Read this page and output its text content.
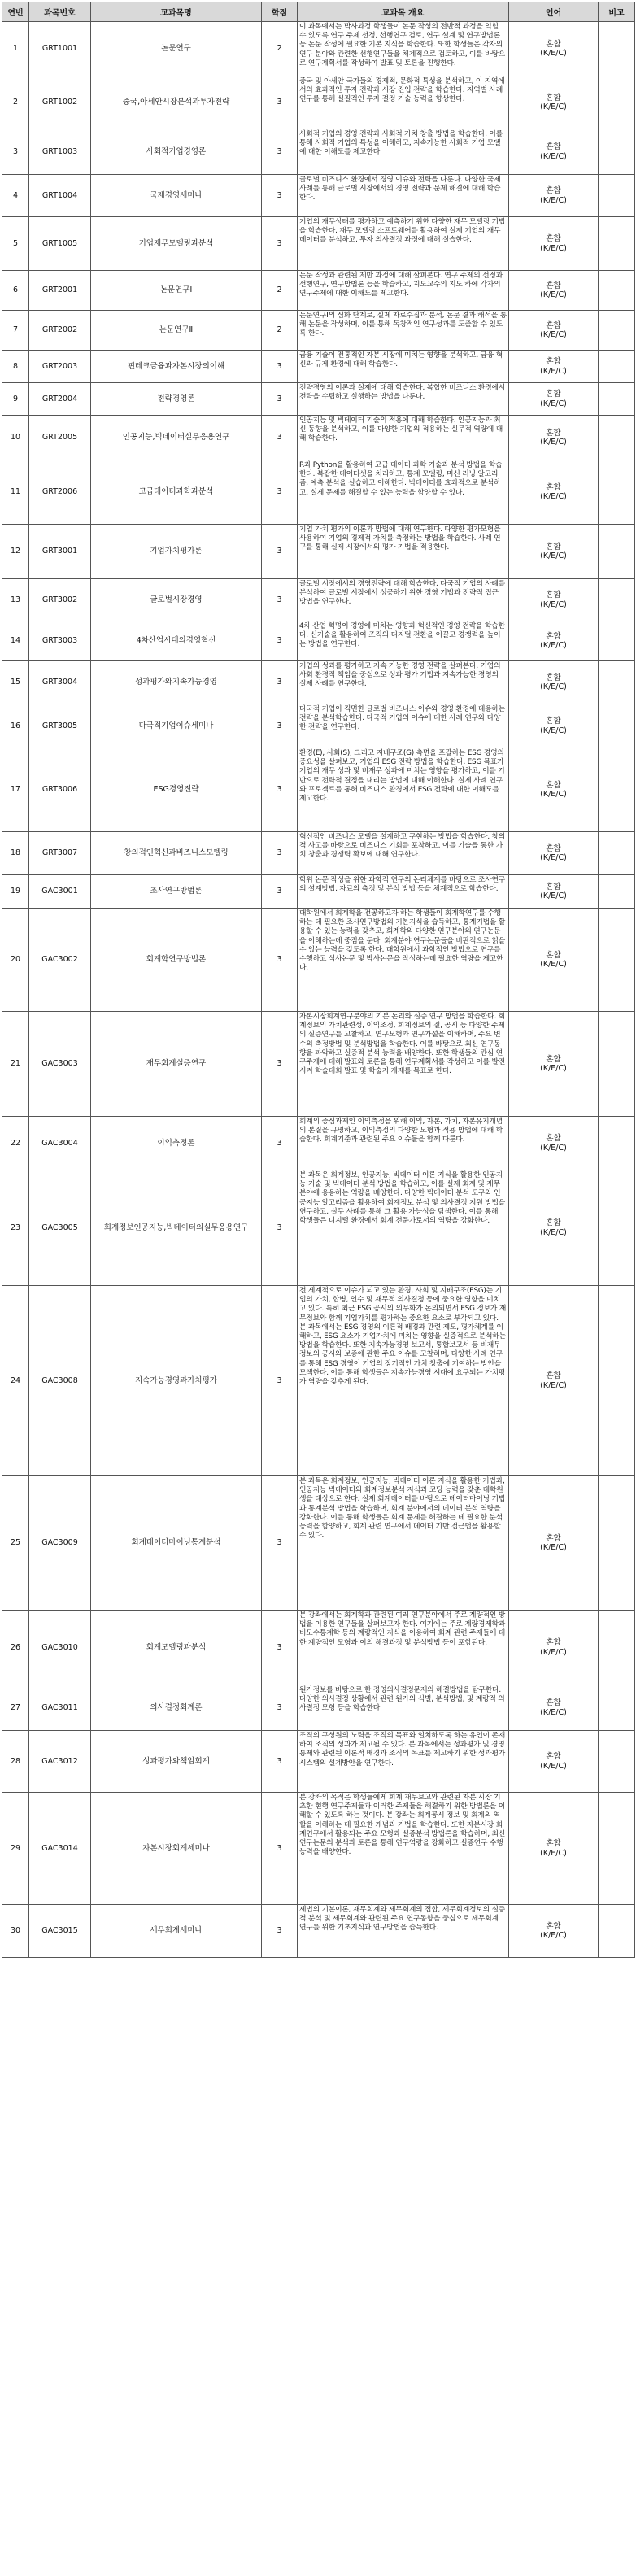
연번	과목번호	교과목명	학점	교과목 개요	언어	비고
1	GRT1001	논문연구	2	이 과목에서는 박사과정 학생들이 논문 작성의 전반적 과정을 익힐 수 있도록 연구 주제 선정, 선행연구 검토, 연구 설계 및 연구방법론 등 논문 작성에 필요한 기본 지식을 학습한다. 또한 학생들은 각자의 연구 분야와 관련한 선행연구들을 체계적으로 검토하고, 이를 바탕으로 연구계획서를 작성하여 발표 및 토론을 진행한다.	혼합
(K/E/C)	
2	GRT1002	중국,아세안시장분석과투자전략	3	중국 및 아세안 국가들의 경제적, 문화적 특성을 분석하고, 이 지역에서의 효과적인 투자 전략과 시장 진입 전략을 학습한다. 지역별 사례 연구를 통해 실질적인 투자 결정 기술 능력을 향상한다.	혼합
(K/E/C)	
3	GRT1003	사회적기업경영론	3	사회적 기업의 경영 전략과 사회적 가치 창출 방법을 학습한다. 이를 통해 사회적 기업의 특성을 이해하고, 지속가능한 사회적 기업 모델에 대한 이해도를 제고한다.	혼합
(K/E/C)	
4	GRT1004	국제경영세미나	3	글로벌 비즈니스 환경에서 경영 이슈와 전략을 다룬다. 다양한 국제 사례를 통해 글로벌 시장에서의 경영 전략과 문제 해결에 대해 학습한다.	혼합
(K/E/C)	
5	GRT1005	기업재무모델링과분석	3	기업의 재무상태를 평가하고 예측하기 위한 다양한 재무 모델링 기법을 학습한다. 재무 모델링 소프트웨어를 활용하여 실제 기업의 재무 데이터를 분석하고, 투자 의사결정 과정에 대해 실습한다.	혼합
(K/E/C)	
6	GRT2001	논문연구Ⅰ	2	논문 작성과 관련된 제반 과정에 대해 살펴본다. 연구 주제의 선정과 선행연구, 연구방법론 등을 학습하고, 지도교수의 지도 하에 각자의 연구주제에 대한 이해도를 제고한다.	혼합
(K/E/C)	
7	GRT2002	논문연구Ⅱ	2	논문연구Ⅰ의 심화 단계로, 실제 자료수집과 분석, 논문 결과 해석을 통해 논문을 작성하며, 이를 통해 독창적인 연구성과를 도출할 수 있도록 한다.	혼합
(K/E/C)	
8	GRT2003	핀테크금융과자본시장의이해	3	금융 기술이 전통적인 자본 시장에 미치는 영향을 분석하고, 금융 혁신과 규제 환경에 대해 학습한다.	혼합
(K/E/C)	
9	GRT2004	전략경영론	3	전략경영의 이론과 실제에 대해 학습한다. 복합한 비즈니스 환경에서 전략을 수립하고 실행하는 방법을 다룬다.	혼합
(K/E/C)	
10	GRT2005	인공지능,빅데이터실무응용연구	3	인공지능 및 빅데이터 기술의 적용에 대해 학습한다. 인공지능과 최신 동향을 분석하고, 이를 다양한 기업의 적용하는 실무적 역량에 대해 학습한다.	혼합
(K/E/C)	
11	GRT2006	고급데이터과학과분석	3	R과 Python을 활용하여 고급 데이터 과학 기술과 분석 방법을 학습한다. 복잡한 데이터셋을 처리하고, 통계 모델링, 머신 러닝 알고리즘, 예측 분석을 실습하고 이해한다. 빅데이터를 효과적으로 분석하고, 실제 문제를 해결할 수 있는 능력을 함양할 수 있다.	혼합
(K/E/C)	
12	GRT3001	기업가치평가론	3	기업 가치 평가의 이론과 방법에 대해 연구한다. 다양한 평가모형을 사용하여 기업의 경제적 가치를 측정하는 방법을 학습한다. 사례 연구를 통해 실제 시장에서의 평가 기법을 적용한다.	혼합
(K/E/C)	
13	GRT3002	글로벌시장경영	3	글로벌 시장에서의 경영전략에 대해 학습한다. 다국적 기업의 사례를 분석하여 글로벌 시장에서 성공하기 위한 경영 기법과 전략적 접근 방법을 연구한다.	혼합
(K/E/C)	
14	GRT3003	4차산업시대의경영혁신	3	4차 산업 혁명이 경영에 미치는 영향과 혁신적인 경영 전략을 학습한다. 신기술을 활용하여 조직의 디지털 전환을 이끌고 경쟁력을 높이는 방법을 연구한다.	혼합
(K/E/C)	
15	GRT3004	성과평가와지속가능경영	3	기업의 성과를 평가하고 지속 가능한 경영 전략을 살펴본다. 기업의 사회 환경적 책임을 중심으로 성과 평가 기법과 지속가능한 경영의 실제 사례를 연구한다.	혼합
(K/E/C)	
16	GRT3005	다국적기업이슈세미나	3	다국적 기업이 직면한 글로벌 비즈니스 이슈와 경영 환경에 대응하는 전략을 분석학습한다. 다국적 기업의 이슈에 대한 사례 연구와 다양한 전략을 연구한다.	혼합
(K/E/C)	
17	GRT3006	ESG경영전략	3	환경(E), 사회(S), 그리고 지배구조(G) 측면을 포괄하는 ESG 경영의 중요성을 살펴보고, 기업의 ESG 전략 방법을 학습한다. ESG 목표가 기업의 재무 성과 및 비재무 성과에 미치는 영향을 평가하고, 이를 기반으로 전략적 결정을 내리는 방법에 대해 이해한다. 실제 사례 연구와 프로젝트를 통해 비즈니스 환경에서 ESG 전략에 대한 이해도를 제고한다.	혼합
(K/E/C)	
18	GRT3007	창의적인혁신과비즈니스모델링	3	혁신적인 비즈니스 모델을 설계하고 구현하는 방법을 학습한다. 창의적 사고를 바탕으로 비즈니스 기회를 포착하고, 이를 기술을 통한 가치 창출과 경쟁력 확보에 대해 연구한다.	혼합
(K/E/C)	
19	GAC3001	조사연구방법론	3	학위 논문 작성을 위한 과학적 연구의 논리체계를 바탕으로 조사연구의 설계방법, 자료의 측정 및 분석 방법 등을 체계적으로 학습한다.	혼합
(K/E/C)	
20	GAC3002	회계학연구방법론	3	대학원에서 회계학을 전공하고자 하는 학생들이 회계학연구를 수행하는 데 필요한 조사연구방법의 기본지식을 습득하고, 통계기법을 활용할 수 있는 능력을 갖추고, 회계학의 다양한 연구분야의 연구논문을 이해하는데 중점을 둔다. 회계분야 연구논문들을 비판적으로 읽을 수 있는 능력을 갖도록 한다. 대학원에서 과학적인 방법으로 연구를 수행하고 석사논문 및 박사논문을 작성하는데 필요한 역량을 제고한다.	혼합
(K/E/C)	
21	GAC3003	재무회계실증연구	3	자본시장회계연구분야의 기본 논리와 실증 연구 방법을 학습한다. 회계정보의 가치관련성, 이익조정, 회계정보의 질, 공시 등 다양한 주제의 실증연구를 고찰하고, 연구모형과 연구가설을 이해하며, 주요 변수의 측정방법 및 분석방법을 학습한다. 이를 바탕으로 최신 연구동향을 파악하고 실증적 분석 능력을 배양한다. 또한 학생들의 관심 연구주제에 대해 발표와 토론을 통해 연구계획서를 작성하고 이를 발전시켜 학술대회 발표 및 학술지 게재를 목표로 한다.	혼합
(K/E/C)	
22	GAC3004	이익측정론	3	회계의 중심과제인 이익측정을 위해 이익, 자본, 가치, 자본유지개념의 본질을 규명하고, 이익측정의 다양한 모형과 적용 방법에 대해 학습한다. 회계기준과 관련된 주요 이슈들을 함께 다룬다.	혼합
(K/E/C)	
23	GAC3005	회계정보인공지능,빅데이터의실무응용연구	3	본 과목은 회계정보, 인공지능, 빅데이터 이론 지식을 활용한 인공지능 기술 및 빅데이터 분석 방법을 학습하고, 이를 실제 회계 및 재무 분야에 응용하는 역량을 배양한다. 다양한 빅데이터 분석 도구와 인공지능 알고리즘을 활용하여 회계정보 분석 및 의사결정 지원 방법을 연구하고, 실무 사례를 통해 그 활용 가능성을 탐색한다. 이를 통해 학생들은 디지털 환경에서 회계 전문가로서의 역량을 강화한다.	혼합
(K/E/C)	
24	GAC3008	지속가능경영과가치평가	3	전 세계적으로 이슈가 되고 있는 환경, 사회 및 지배구조(ESG)는 기업의 가치, 합병, 인수 및 재무적 의사결정 등에 중요한 영향을 미치고 있다. 특히 최근 ESG 공시의 의무화가 논의되면서 ESG 정보가 재무정보와 함께 기업가치를 평가하는 중요한 요소로 부각되고 있다. 본 과목에서는 ESG 경영의 이론적 배경과 관련 제도, 평가체계를 이해하고, ESG 요소가 기업가치에 미치는 영향을 실증적으로 분석하는 방법을 학습한다. 또한 지속가능경영 보고서, 통합보고서 등 비재무 정보의 공시와 보증에 관한 주요 이슈를 고찰하며, 다양한 사례 연구를 통해 ESG 경영이 기업의 장기적인 가치 창출에 기여하는 방안을 모색한다. 이를 통해 학생들은 지속가능경영 시대에 요구되는 가치평가 역량을 갖추게 된다.	혼합
(K/E/C)	
25	GAC3009	회계데이터마이닝통계분석	3	본 과목은 회계정보, 인공지능, 빅데이터 이론 지식을 활용한 기법과, 인공지능 빅데이터와 회계정보분석 지식과 코딩 능력을 갖춘 대학원생을 대상으로 한다. 실제 회계데이터를 바탕으로 데이터마이닝 기법과 통계분석 방법을 학습하며, 회계 분야에서의 데이터 분석 역량을 강화한다. 이를 통해 학생들은 회계 문제를 해결하는 데 필요한 분석 능력을 함양하고, 회계 관련 연구에서 데이터 기반 접근법을 활용할 수 있다.	혼합
(K/E/C)	
26	GAC3010	회계모델링과분석	3	본 강좌에서는 회계학과 관련된 여러 연구분야에서 주로 계량적인 방법을 이용한 연구들을 살펴보고자 한다. 여기에는 주로 계량경제학과 비모수통계학 등의 계량적인 지식을 이용하여 회계 관련 주제들에 대한 계량적인 모형과 이의 해결과정 및 분석방법 등이 포함된다.	혼합
(K/E/C)	
27	GAC3011	의사결정회계론	3	원가정보를 바탕으로 한 경영의사결정문제의 해결방법을 탐구한다. 다양한 의사결정 상황에서 관련 원가의 식별, 분석방법, 및 계량적 의사결정 모형 등을 학습한다.	혼합
(K/E/C)	
28	GAC3012	성과평가와책임회계	3	조직의 구성원의 노력을 조직의 목표와 일치하도록 하는 유인이 존재하여 조직의 성과가 제고될 수 있다. 본 과목에서는 성과평가 및 경영통제와 관련된 이론적 배경과 조직의 목표를 제고하기 위한 성과평가시스템의 설계방안을 연구한다.	혼합
(K/E/C)	
29	GAC3014	자본시장회계세미나	3	본 강좌의 목적은 학생들에게 회계 재무보고와 관련된 자본 시장 기초한 현행 연구주제들과 이러한 주제들을 해결하기 위한 방법론을 이해할 수 있도록 하는 것이다. 본 강좌는 회계공시 정보 및 회계의 역할을 이해하는 데 필요한 개념과 기법을 학습한다. 또한 자본시장 회계연구에서 활용되는 주요 모형과 실증분석 방법론을 학습하며, 최신 연구논문의 분석과 토론을 통해 연구역량을 강화하고 실증연구 수행 능력을 배양한다.	혼합
(K/E/C)	
30	GAC3015	세무회계세미나	3	세법의 기본이론, 재무회계와 세무회계의 접합, 세무회계정보의 실증적 분석 및 세무회계와 관련된 주요 연구동향을 중심으로 세무회계 연구를 위한 기초지식과 연구방법을 습득한다.	혼합
(K/E/C)	
